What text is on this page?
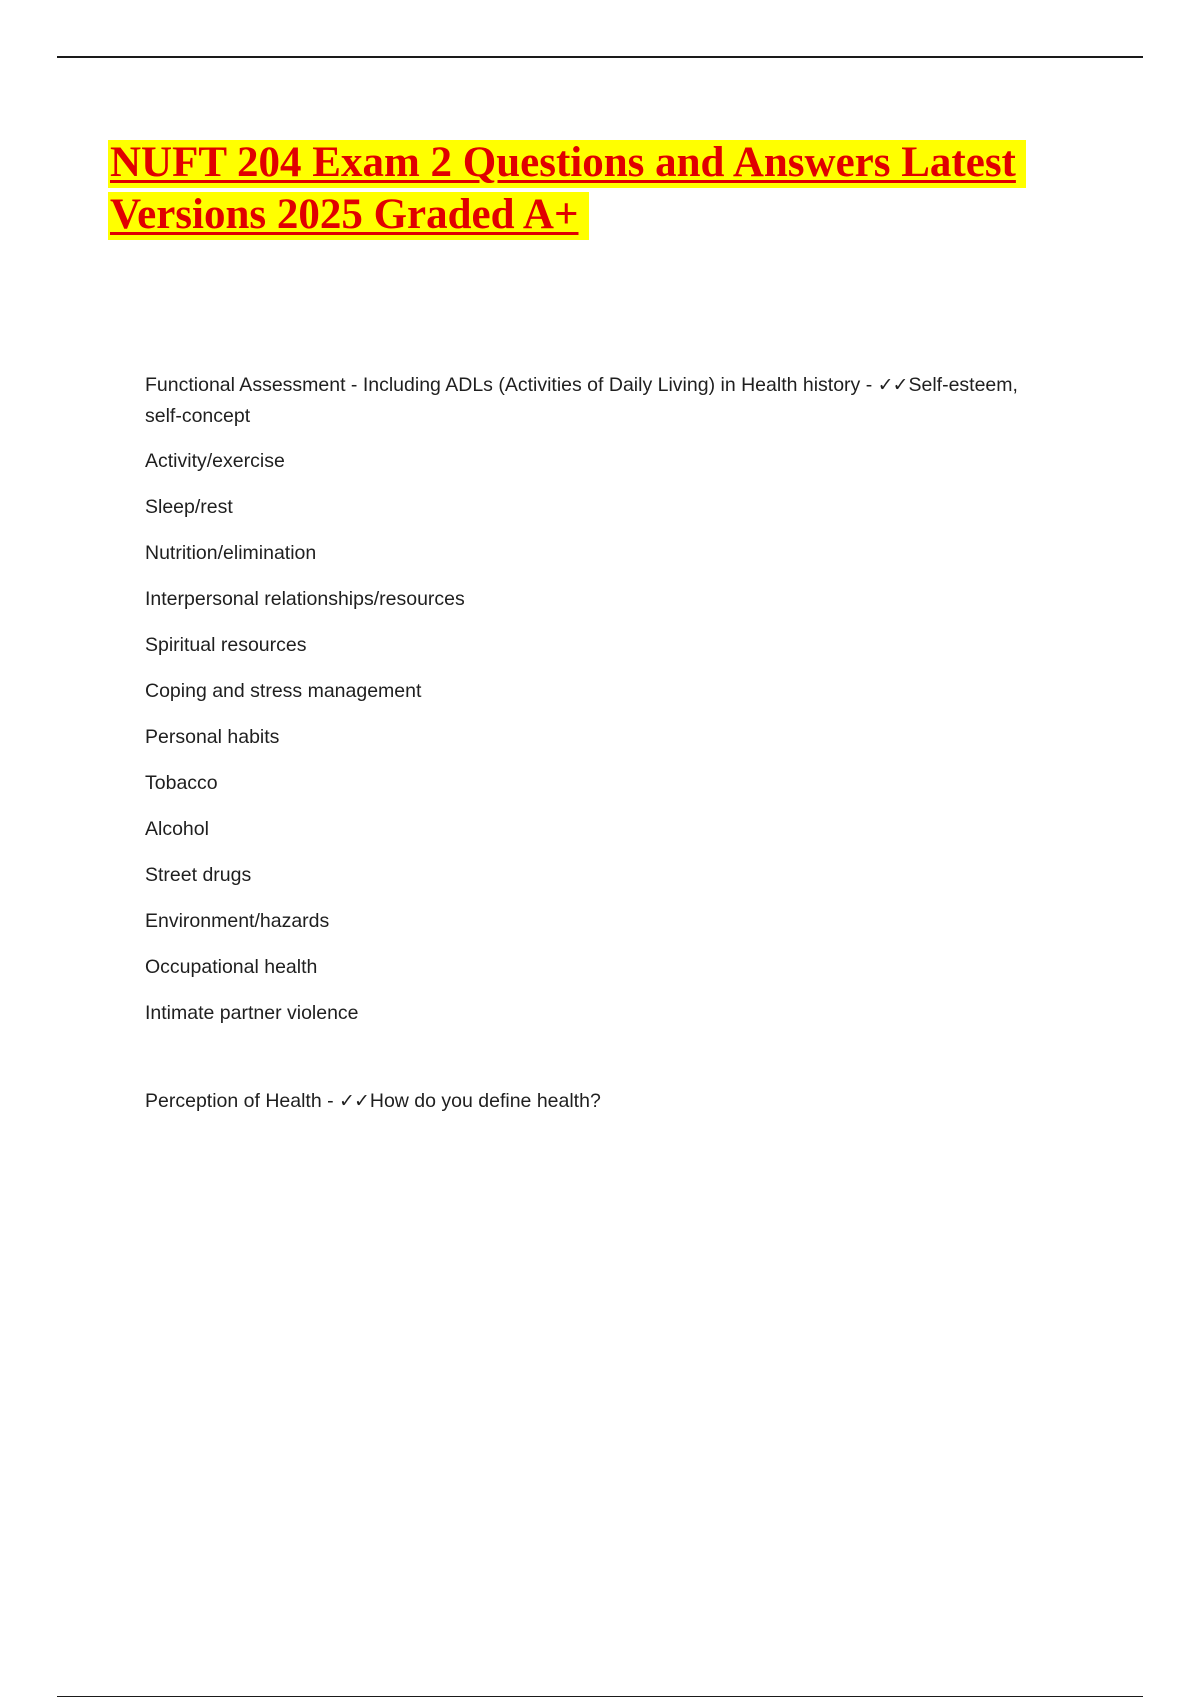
NUFT 204 Exam 2 Questions and Answers Latest
Versions 2025 Graded A+

Functional Assessment - Including ADLs (Activities of Daily Living) in Health history - ✓✓Self-esteem, self-concept

Activity/exercise
Sleep/rest
Nutrition/elimination
Interpersonal relationships/resources
Spiritual resources
Coping and stress management
Personal habits
Tobacco
Alcohol
Street drugs
Environment/hazards
Occupational health
Intimate partner violence

Perception of Health - ✓✓How do you define health?
